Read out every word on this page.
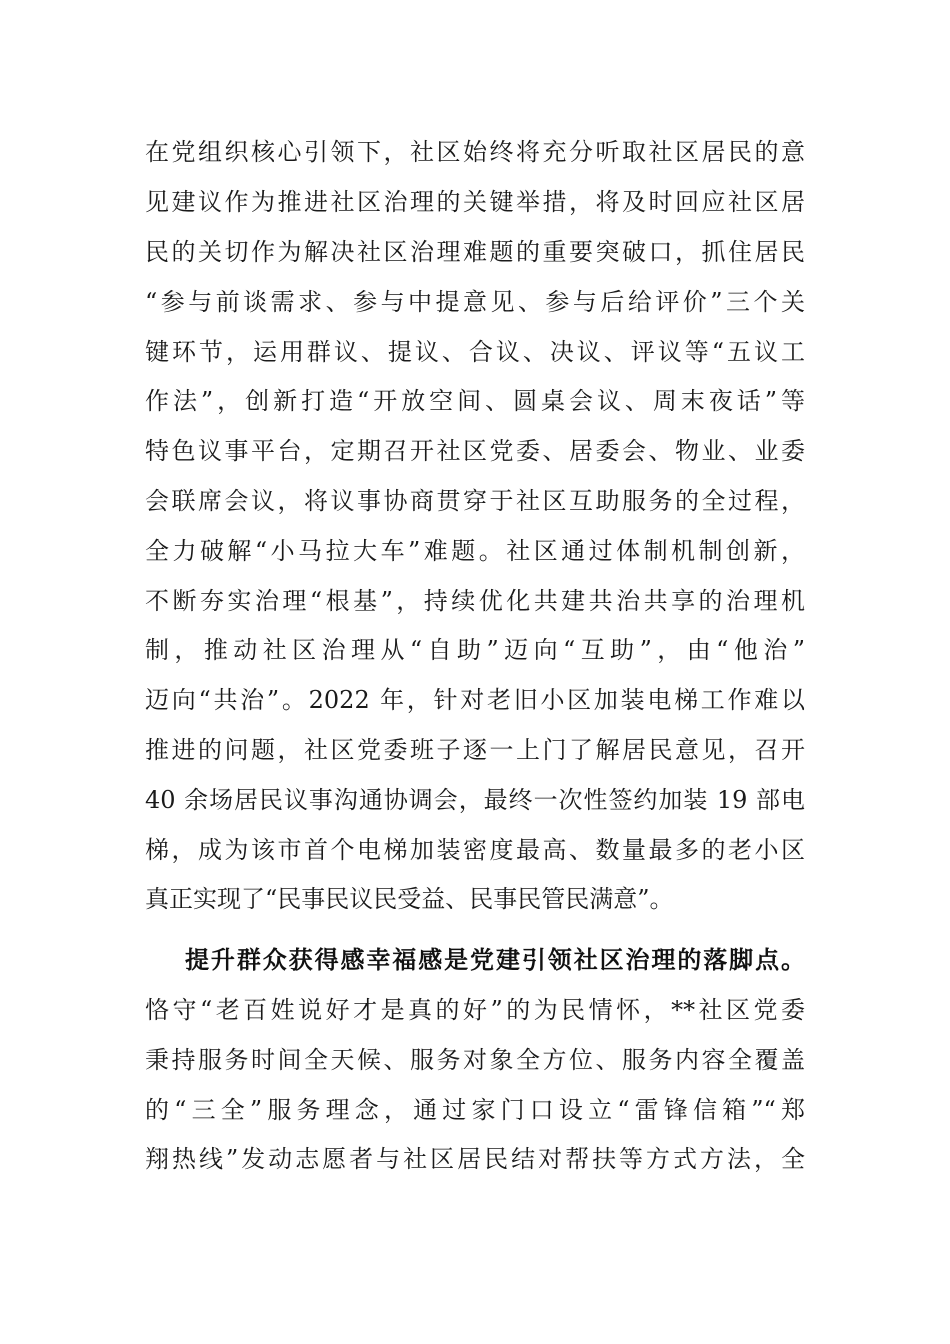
在党组织核心引领下，社区始终将充分听取社区居民的意
见建议作为推进社区治理的关键举措，将及时回应社区居
民的关切作为解决社区治理难题的重要突破口，抓住居民
“参与前谈需求、参与中提意见、参与后给评价”三个关
键环节，运用群议、提议、合议、决议、评议等“五议工
作法”，创新打造“开放空间、圆桌会议、周末夜话”等
特色议事平台，定期召开社区党委、居委会、物业、业委
会联席会议，将议事协商贯穿于社区互助服务的全过程，
全力破解“小马拉大车”难题。社区通过体制机制创新，
不断夯实治理“根基”，持续优化共建共治共享的治理机
制，推动社区治理从“自助”迈向“互助”，由“他治”
迈向“共治”。2022 年，针对老旧小区加装电梯工作难以
推进的问题，社区党委班子逐一上门了解居民意见，召开
40 余场居民议事沟通协调会，最终一次性签约加装 19 部电
梯，成为该市首个电梯加装密度最高、数量最多的老小区
真正实现了“民事民议民受益、民事民管民满意”。
提升群众获得感幸福感是党建引领社区治理的落脚点。
恪守“老百姓说好才是真的好”的为民情怀，**社区党委
秉持服务时间全天候、服务对象全方位、服务内容全覆盖
的“三全”服务理念，通过家门口设立“雷锋信箱”“郑
翔热线”发动志愿者与社区居民结对帮扶等方式方法，全
